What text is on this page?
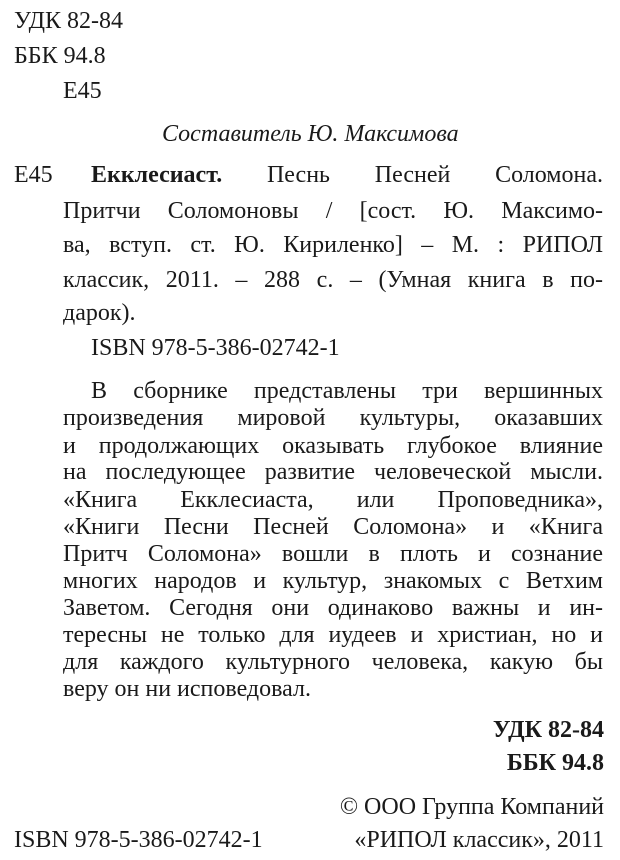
УДК 82-84
ББК 94.8
Е45
Составитель Ю. Максимова
Е45	Екклесиаст. Песнь Песней Соломона.
Притчи Соломоновы / [сост. Ю. Максимо-
ва, вступ. ст. Ю. Кириленко] – М. : РИПОЛ
классик, 2011. – 288 с. – (Умная книга в по-
дарок).
ISBN 978-5-386-02742-1
В сборнике представлены три вершинных
произведения мировой культуры, оказавших
и продолжающих оказывать глубокое влияние
на последующее развитие человеческой мысли.
«Книга Екклесиаста, или Проповедника»,
«Книги Песни Песней Соломона» и «Книга
Притч Соломона» вошли в плоть и сознание
многих народов и культур, знакомых с Ветхим
Заветом. Сегодня они одинаково важны и ин-
тересны не только для иудеев и христиан, но и
для каждого культурного человека, какую бы
веру он ни исповедовал.
УДК 82-84
ББК 94.8
© ООО Группа Компаний
ISBN 978-5-386-02742-1	«РИПОЛ классик», 2011
